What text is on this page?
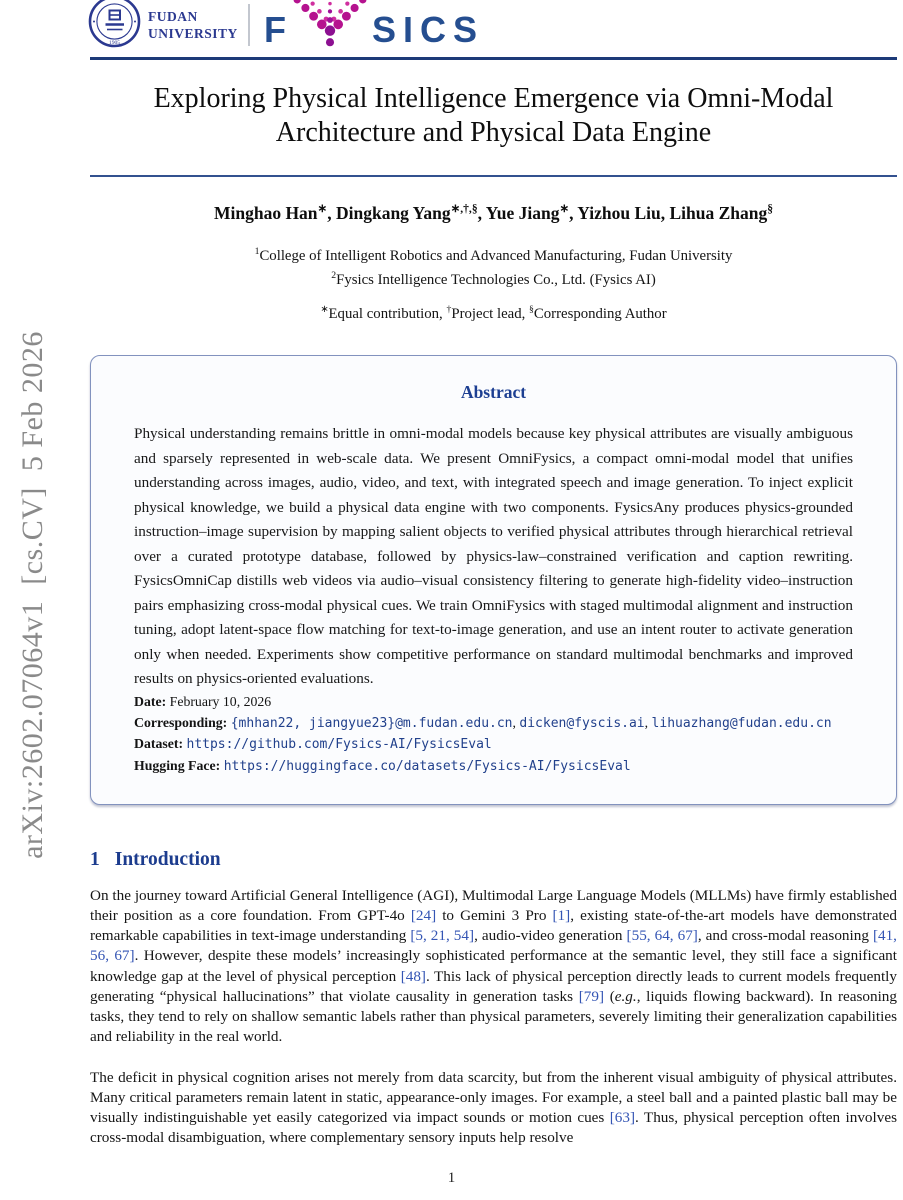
arXiv:2602.07064v1  [cs.CV]  5 Feb 2026
1905
FUDAN
UNIVERSITY F SICS
Exploring Physical Intelligence Emergence via Omni-Modal Architecture and Physical Data Engine
Minghao Han∗, Dingkang Yang∗,†,§, Yue Jiang∗, Yizhou Liu, Lihua Zhang§
$^1$College of Intelligent Robotics and Advanced Manufacturing, Fudan University
$^2$Fysics Intelligence Technologies Co., Ltd. (Fysics AI)
∗Equal contribution, †Project lead, §Corresponding Author
Abstract
Physical understanding remains brittle in omni-modal models because key physical attributes are visually ambiguous and sparsely represented in web-scale data. We present OmniFysics, a compact omni-modal model that unifies understanding across images, audio, video, and text, with integrated speech and image generation. To inject explicit physical knowledge, we build a physical data engine with two components. FysicsAny produces physics-grounded instruction–image supervision by mapping salient objects to verified physical attributes through hierarchical retrieval over a curated prototype database, followed by physics-law–constrained verification and caption rewriting. FysicsOmniCap distills web videos via audio–visual consistency filtering to generate high-fidelity video–instruction pairs emphasizing cross-modal physical cues. We train OmniFysics with staged multimodal alignment and instruction tuning, adopt latent-space flow matching for text-to-image generation, and use an intent router to activate generation only when needed. Experiments show competitive performance on standard multimodal benchmarks and improved results on physics-oriented evaluations.
Date: February 10, 2026
Corresponding: {mhhan22, jiangyue23}@m.fudan.edu.cn, dicken@fyscis.ai, lihuazhang@fudan.edu.cn
Dataset: https://github.com/Fysics-AI/FysicsEval
Hugging Face: https://huggingface.co/datasets/Fysics-AI/FysicsEval
1 Introduction
On the journey toward Artificial General Intelligence (AGI), Multimodal Large Language Models (MLLMs) have firmly established their position as a core foundation. From GPT-4o [24] to Gemini 3 Pro [1], existing state-of-the-art models have demonstrated remarkable capabilities in text-image understanding [5, 21, 54], audio-video generation [55, 64, 67], and cross-modal reasoning [41, 56, 67]. However, despite these models’ increasingly sophisticated performance at the semantic level, they still face a significant knowledge gap at the level of physical perception [48]. This lack of physical perception directly leads to current models frequently generating “physical hallucinations” that violate causality in generation tasks [79] (e.g., liquids flowing backward). In reasoning tasks, they tend to rely on shallow semantic labels rather than physical parameters, severely limiting their generalization capabilities and reliability in the real world.
The deficit in physical cognition arises not merely from data scarcity, but from the inherent visual ambiguity of physical attributes. Many critical parameters remain latent in static, appearance-only images. For example, a steel ball and a painted plastic ball may be visually indistinguishable yet easily categorized via impact sounds or motion cues [63]. Thus, physical perception often involves cross-modal disambiguation, where complementary sensory inputs help resolve
1
